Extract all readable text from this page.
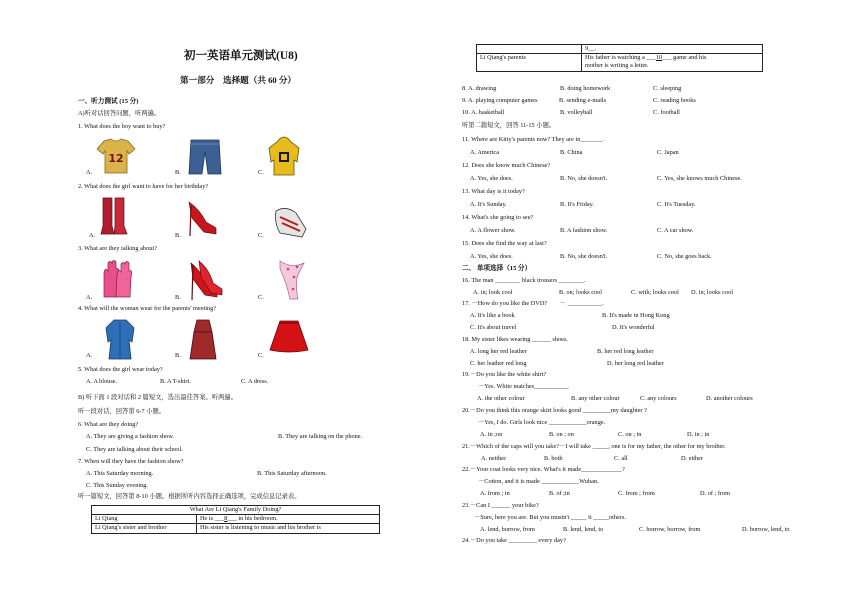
初一英语单元测试(U8)
第一部分　选择题（共 60 分）
一、听力测试 (15 分)
A)听对话回答问题，听两遍。
1. What does the boy want to buy?
A.
12
B.	C.
2. What does the girl want to have for her birthday?
A.	B.	C.
3. What are they talking about?
A.	B.	C.
4. What will the woman wear for the parents' meeting?
A.	B.	C.
5. What does the girl wear today?
A. A blouse.	B. A T-shirt.	C. A dress.
B) 听下面 1 段对话和 2 篇短文，选出最佳答案。听两遍。
听一段对话，回答第 6-7 小题。
6. What are they doing?
A. They are giving a fashion show.	B. They are talking on the phone.
C. They are talking about their school.
7. When will they have the fashion show?
A. This Saturday morning.	B. This Saturday afternoon.
C. This Sunday evening.
听一篇短文，回答第 8-10 小题。根据所听内容选择正确选项，完成信息记录表。
What Are Li Qiang's Family Doing?	
Li Qiang	He is ___8___ in his bedroom.
Li Qiang's sister and brother	His sister is listening to music and his brother is
	9__.
Li Qiang's parents	His father is watching a ___10___ game and his
mother is writing a letter.
8. A. drawing	B. doing homework	C. sleeping
9. A. playing computer games	B. sending e-mails	C. reading books
10. A. basketball	B. volleyball	C. football
听第二篇短文，回答 11-15 小题。
11. Where are Kitty's parents now? They are in_______.
A. America	B. China	C. Japan
12. Does she know much Chinese?
A. Yes, she does.	B. No, she doesn't.	C. Yes, she knows much Chinese.
13. What day is it today?
A. It's Sunday.	B. It's Friday.	C. It's Tuesday.
14. What's she going to see?
A. A flower show.	B. A fashion show.	C. A car show.
15. Does she find the way at last?
A. Yes, she does.	B. No, she doesn't.	C. No, she goes back.
二、 单项选择（15 分）
16. The man ________ black trousers ________.
A. in; look cool	B. on; looks cool	C. with; looks cool D. in; looks cool
17. －How do you like the DVD?　　－ ___________.
A. It's like a book	B. It's made in Hong Kong
C. It's about travel	D. It's wonderful
18. My sister likes wearing ______ shoes.
A. long her red leather	B. her red long leather
C. her leather red long	D. her long red leather
19.－Do you like the white shirt?
－Yes. White matches___________
A. the other colour	B. any other colour	C. any colours	D. another colours
20.－Do you think this orange skirt looks good _________my daughter ?
－Yes, I do. Girls look nice ____________orange.
A. in ;on	B. on ; on	C. on ; in	D. in ; in
21.－Which of the caps will you take?－I will take _____, one is for my father, the other for my brother.
A. neither	B. both	C. all	D. either
22.－Your coat looks very nice. What's it made_____________?
－Cotton, and it is made ____________Wuhan.
A. from ; in	B. of ;in	C. from ; from	D. of ; from
23.－Can I ______ your bike?
－Sure, here you are. But you mustn't _____ it _____others.
A. lend, borrow, from	B. lend, lend, to	C. borrow, borrow, from	D. borrow, lend, to
24.－Do you take _________ every day?
